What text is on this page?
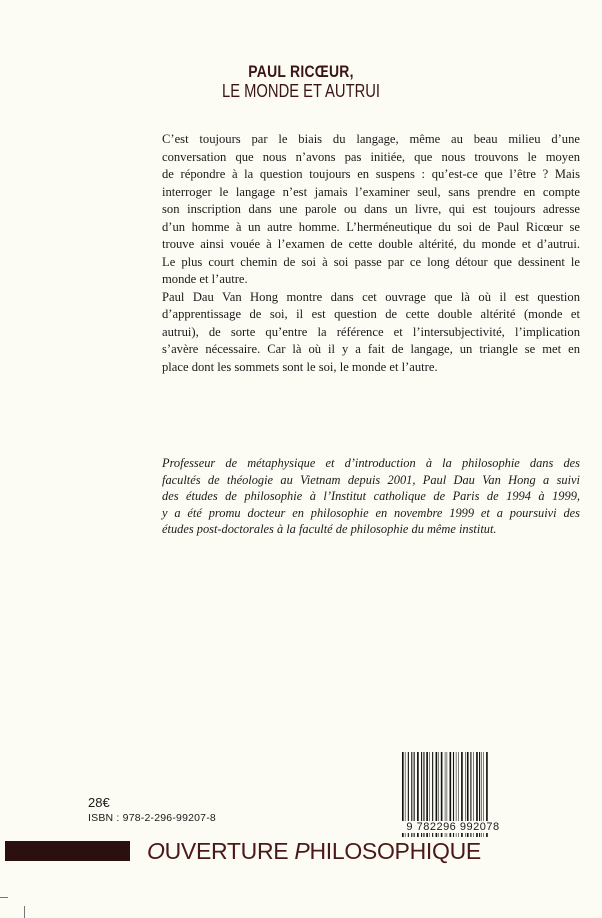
PAUL RICŒUR,
LE MONDE ET AUTRUI
C’est toujours par le biais du langage, même au beau milieu d’une
conversation que nous n’avons pas initiée, que nous trouvons le moyen
de répondre à la question toujours en suspens : qu’est-ce que l’être ? Mais
interroger le langage n’est jamais l’examiner seul, sans prendre en compte
son inscription dans une parole ou dans un livre, qui est toujours adresse
d’un homme à un autre homme. L’herméneutique du soi de Paul Ricœur se
trouve ainsi vouée à l’examen de cette double altérité, du monde et d’autrui.
Le plus court chemin de soi à soi passe par ce long détour que dessinent le
monde et l’autre.
Paul Dau Van Hong montre dans cet ouvrage que là où il est question
d’apprentissage de soi, il est question de cette double altérité (monde et
autrui), de sorte qu’entre la référence et l’intersubjectivité, l’implication
s’avère nécessaire. Car là où il y a fait de langage, un triangle se met en
place dont les sommets sont le soi, le monde et l’autre.
Professeur de métaphysique et d’introduction à la philosophie dans des
facultés de théologie au Vietnam depuis 2001, Paul Dau Van Hong a suivi
des études de philosophie à l’Institut catholique de Paris de 1994 à 1999,
y a été promu docteur en philosophie en novembre 1999 et a poursuivi des
études post-doctorales à la faculté de philosophie du même institut.
28€
ISBN : 978-2-296-99207-8
9 782296 992078
OUVERTURE PHILOSOPHIQUE
